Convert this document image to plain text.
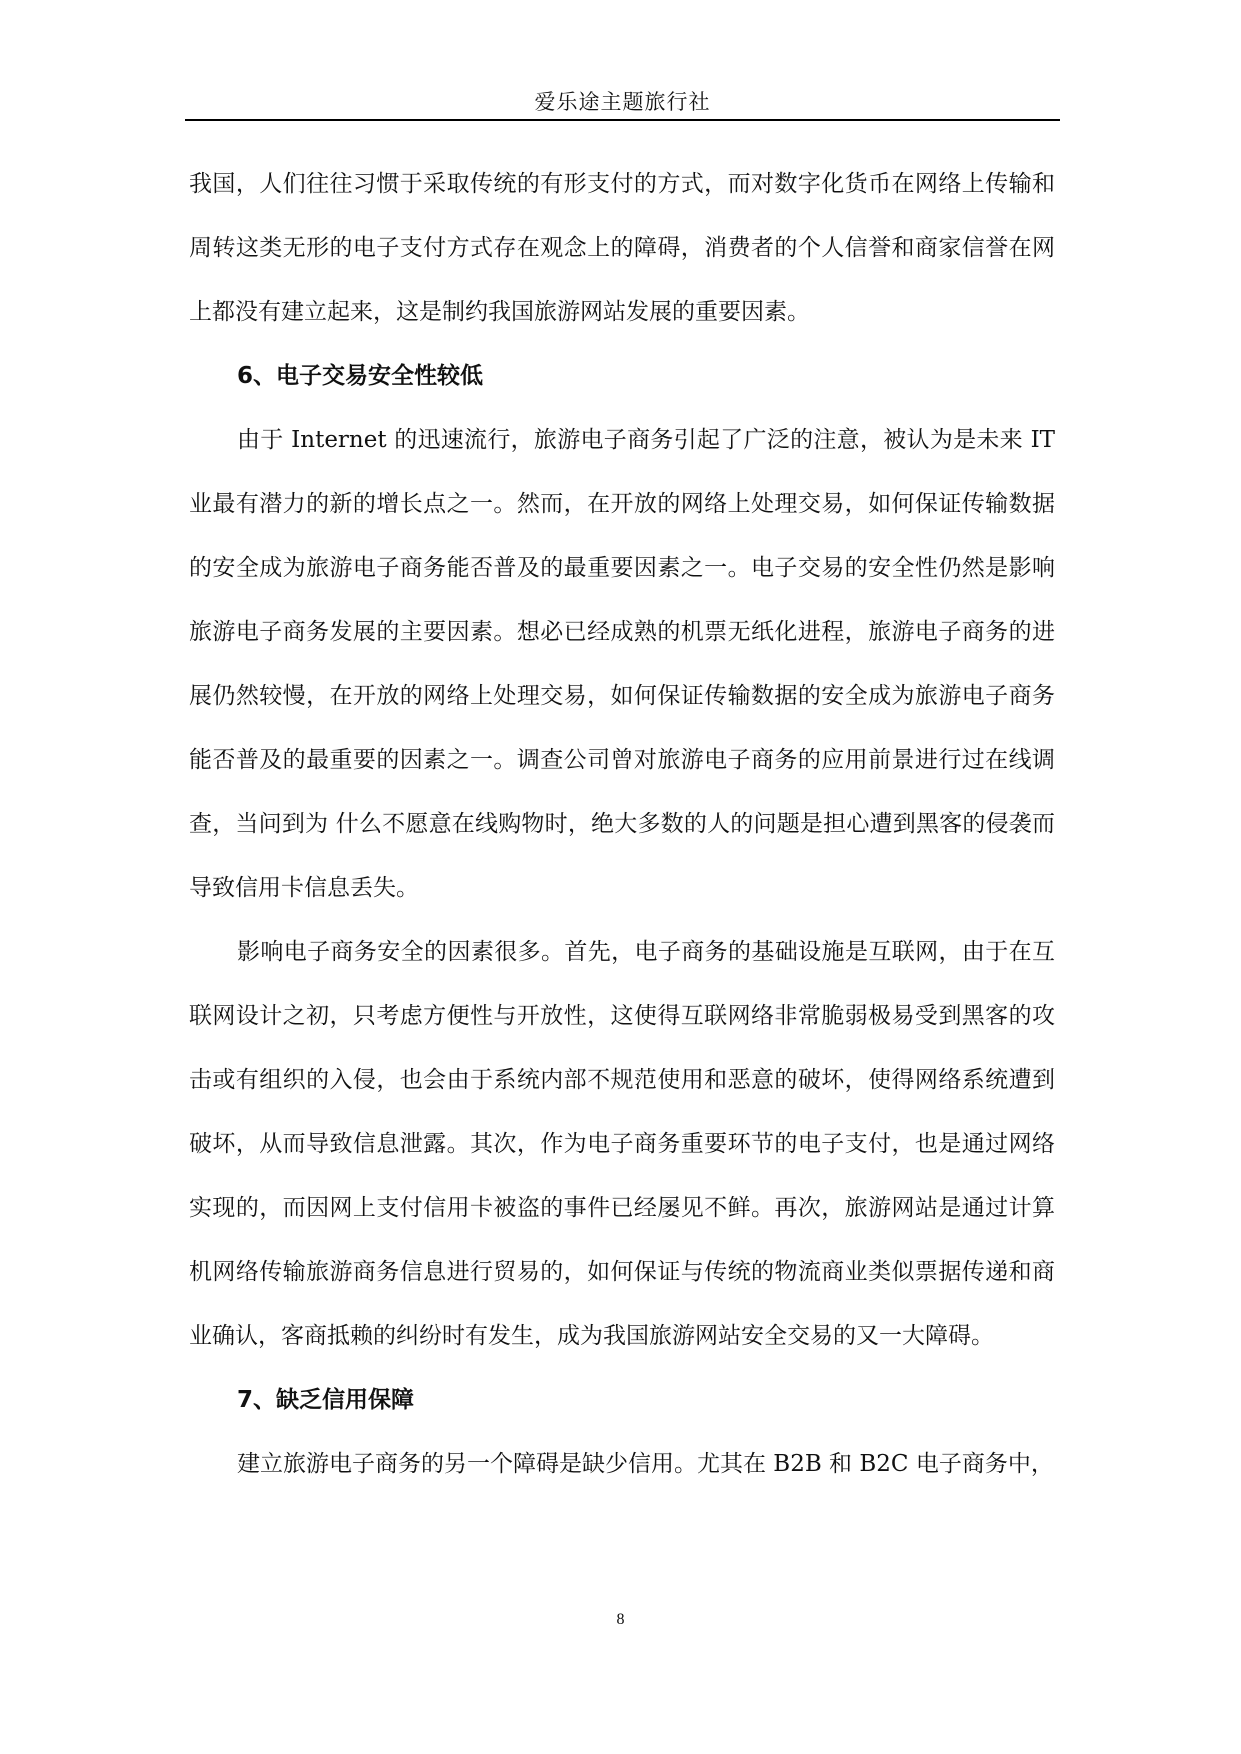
爱乐途主题旅行社

我国，人们往往习惯于采取传统的有形支付的方式，而对数字化货币在网络上传输和周转这类无形的电子支付方式存在观念上的障碍，消费者的个人信誉和商家信誉在网上都没有建立起来，这是制约我国旅游网站发展的重要因素。

6、电子交易安全性较低

由于 Internet 的迅速流行，旅游电子商务引起了广泛的注意，被认为是未来 IT 业最有潜力的新的增长点之一。然而，在开放的网络上处理交易，如何保证传输数据的安全成为旅游电子商务能否普及的最重要因素之一。电子交易的安全性仍然是影响旅游电子商务发展的主要因素。想必已经成熟的机票无纸化进程，旅游电子商务的进展仍然较慢，在开放的网络上处理交易，如何保证传输数据的安全成为旅游电子商务能否普及的最重要的因素之一。调查公司曾对旅游电子商务的应用前景进行过在线调查，当问到为 什么不愿意在线购物时，绝大多数的人的问题是担心遭到黑客的侵袭而导致信用卡信息丢失。

影响电子商务安全的因素很多。首先，电子商务的基础设施是互联网，由于在互联网设计之初，只考虑方便性与开放性，这使得互联网络非常脆弱极易受到黑客的攻击或有组织的入侵，也会由于系统内部不规范使用和恶意的破坏，使得网络系统遭到破坏，从而导致信息泄露。其次，作为电子商务重要环节的电子支付，也是通过网络实现的，而因网上支付信用卡被盗的事件已经屡见不鲜。再次，旅游网站是通过计算机网络传输旅游商务信息进行贸易的，如何保证与传统的物流商业类似票据传递和商业确认，客商抵赖的纠纷时有发生，成为我国旅游网站安全交易的又一大障碍。

7、缺乏信用保障

建立旅游电子商务的另一个障碍是缺少信用。尤其在 B2B 和 B2C 电子商务中，

8
